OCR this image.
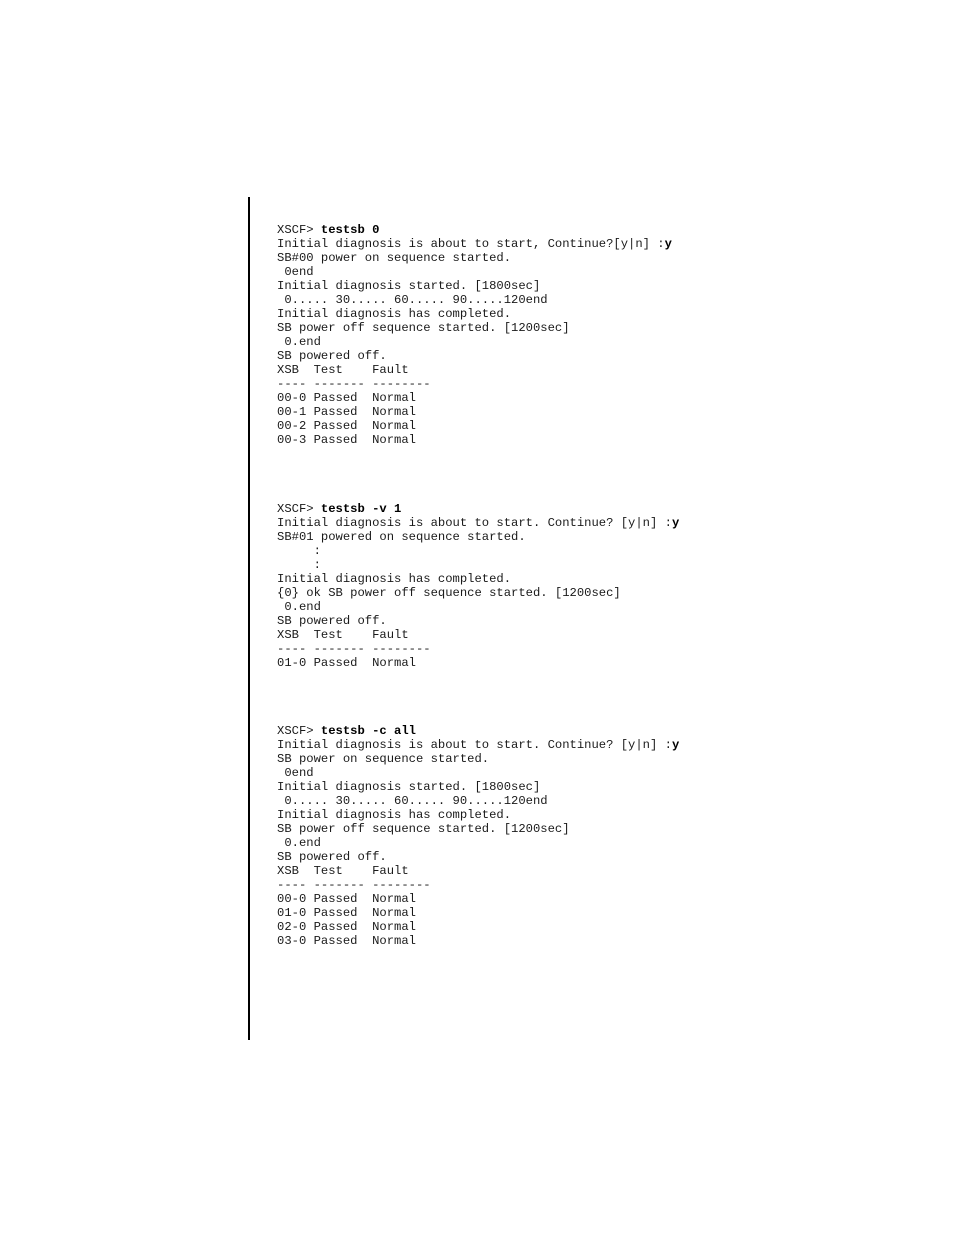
XSCF> testsb 0
Initial diagnosis is about to start, Continue?[y|n] :y
SB#00 power on sequence started.
0end
Initial diagnosis started. [1800sec]
0..... 30..... 60..... 90.....120end
Initial diagnosis has completed.
SB power off sequence started. [1200sec]
0.end
SB powered off.
XSB  Test    Fault
---- ------- --------
00-0 Passed  Normal
00-1 Passed  Normal
00-2 Passed  Normal
00-3 Passed  Normal
XSCF> testsb -v 1
Initial diagnosis is about to start. Continue? [y|n] :y
SB#01 powered on sequence started.
:
:
Initial diagnosis has completed.
{0} ok SB power off sequence started. [1200sec]
0.end
SB powered off.
XSB  Test    Fault
---- ------- --------
01-0 Passed  Normal
XSCF> testsb -c all
Initial diagnosis is about to start. Continue? [y|n] :y
SB power on sequence started.
0end
Initial diagnosis started. [1800sec]
0..... 30..... 60..... 90.....120end
Initial diagnosis has completed.
SB power off sequence started. [1200sec]
0.end
SB powered off.
XSB  Test    Fault
---- ------- --------
00-0 Passed  Normal
01-0 Passed  Normal
02-0 Passed  Normal
03-0 Passed  Normal
